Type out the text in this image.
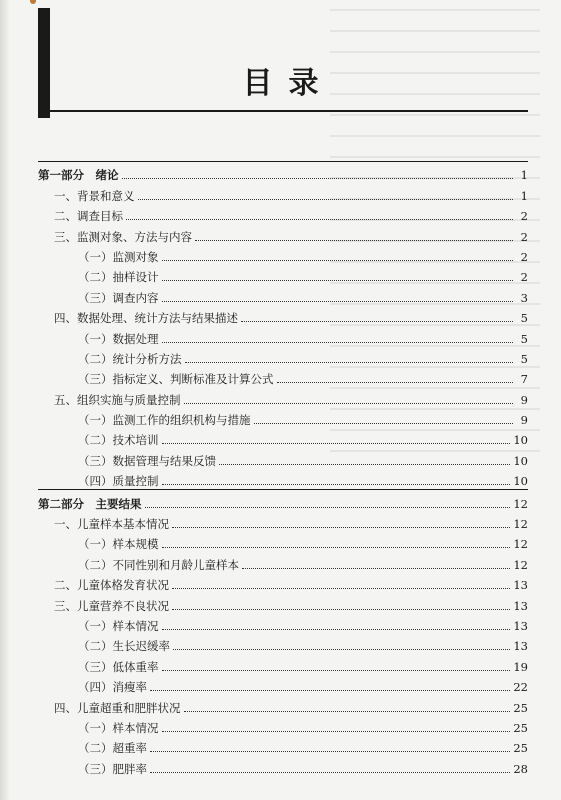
目录
第一部分　绪论	1
一、背景和意义	1
二、调查目标	2
三、监测对象、方法与内容	2
（一）监测对象	2
（二）抽样设计	2
（三）调查内容	3
四、数据处理、统计方法与结果描述	5
（一）数据处理	5
（二）统计分析方法	5
（三）指标定义、判断标准及计算公式	7
五、组织实施与质量控制	9
（一）监测工作的组织机构与措施	9
（二）技术培训	10
（三）数据管理与结果反馈	10
（四）质量控制	10
第二部分　主要结果	12
一、儿童样本基本情况	12
（一）样本规模	12
（二）不同性别和月龄儿童样本	12
二、儿童体格发育状况	13
三、儿童营养不良状况	13
（一）样本情况	13
（二）生长迟缓率	13
（三）低体重率	19
（四）消瘦率	22
四、儿童超重和肥胖状况	25
（一）样本情况	25
（二）超重率	25
（三）肥胖率	28
